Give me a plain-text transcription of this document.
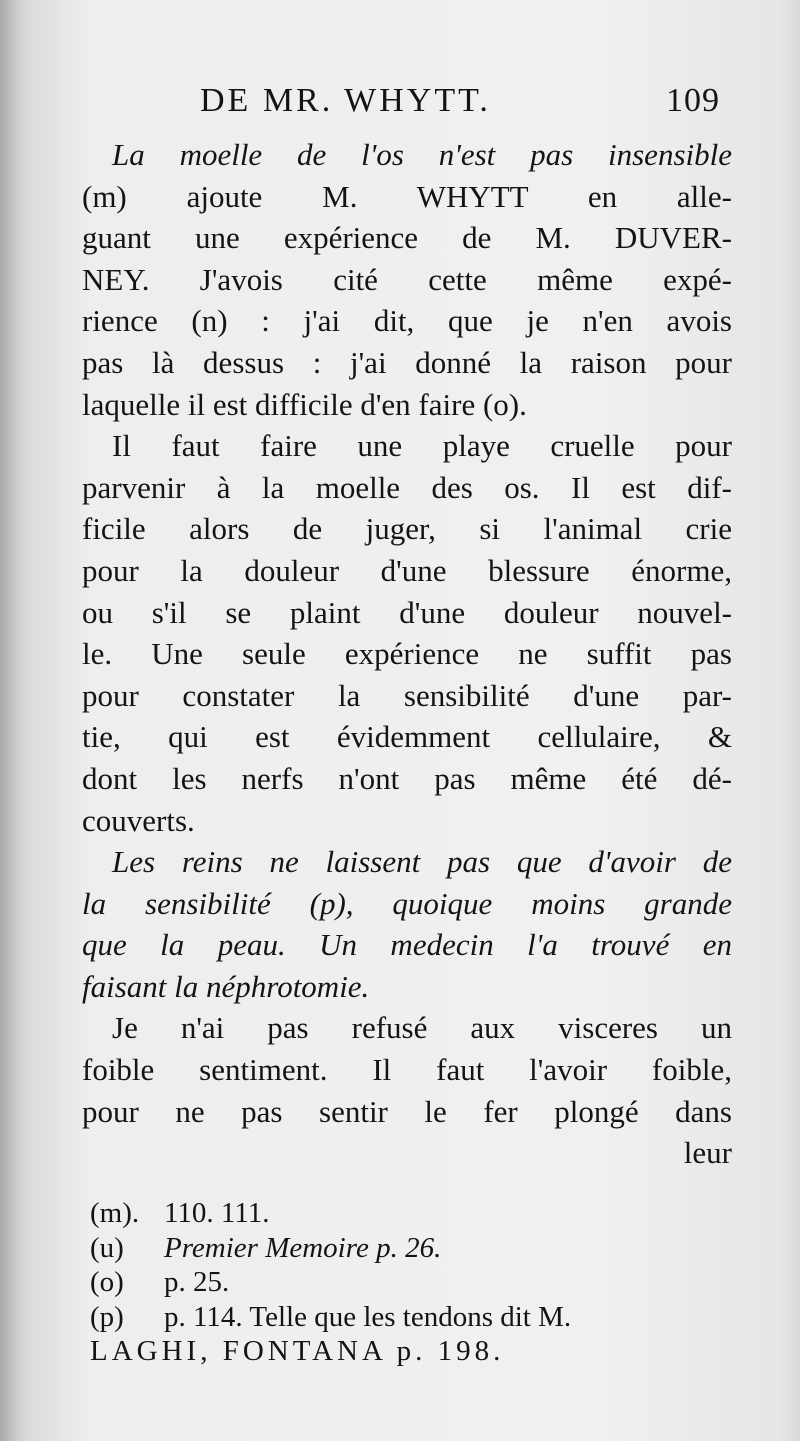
DE MR. WHYTT.	109
La moelle de l'os n'est pas insensible
(m) ajoute M. WHYTT en alle-
guant une expérience de M. DUVER-
NEY. J'avois cité cette même expé-
rience (n) : j'ai dit, que je n'en avois
pas là dessus : j'ai donné la raison pour
laquelle il est difficile d'en faire (o).
Il faut faire une playe cruelle pour
parvenir à la moelle des os. Il est dif-
ficile alors de juger, si l'animal crie
pour la douleur d'une blessure énorme,
ou s'il se plaint d'une douleur nouvel-
le. Une seule expérience ne suffit pas
pour constater la sensibilité d'une par-
tie, qui est évidemment cellulaire, &
dont les nerfs n'ont pas même été dé-
couverts.
Les reins ne laissent pas que d'avoir de
la sensibilité (p), quoique moins grande
que la peau. Un medecin l'a trouvé en
faisant la néphrotomie.
Je n'ai pas refusé aux visceres un
foible sentiment. Il faut l'avoir foible,
pour ne pas sentir le fer plongé dans
leur
(m). 110. 111.
(u) Premier Memoire p. 26.
(o) p. 25.
(p) p. 114. Telle que les tendons dit M.
LAGHI, FONTANA p. 198.
